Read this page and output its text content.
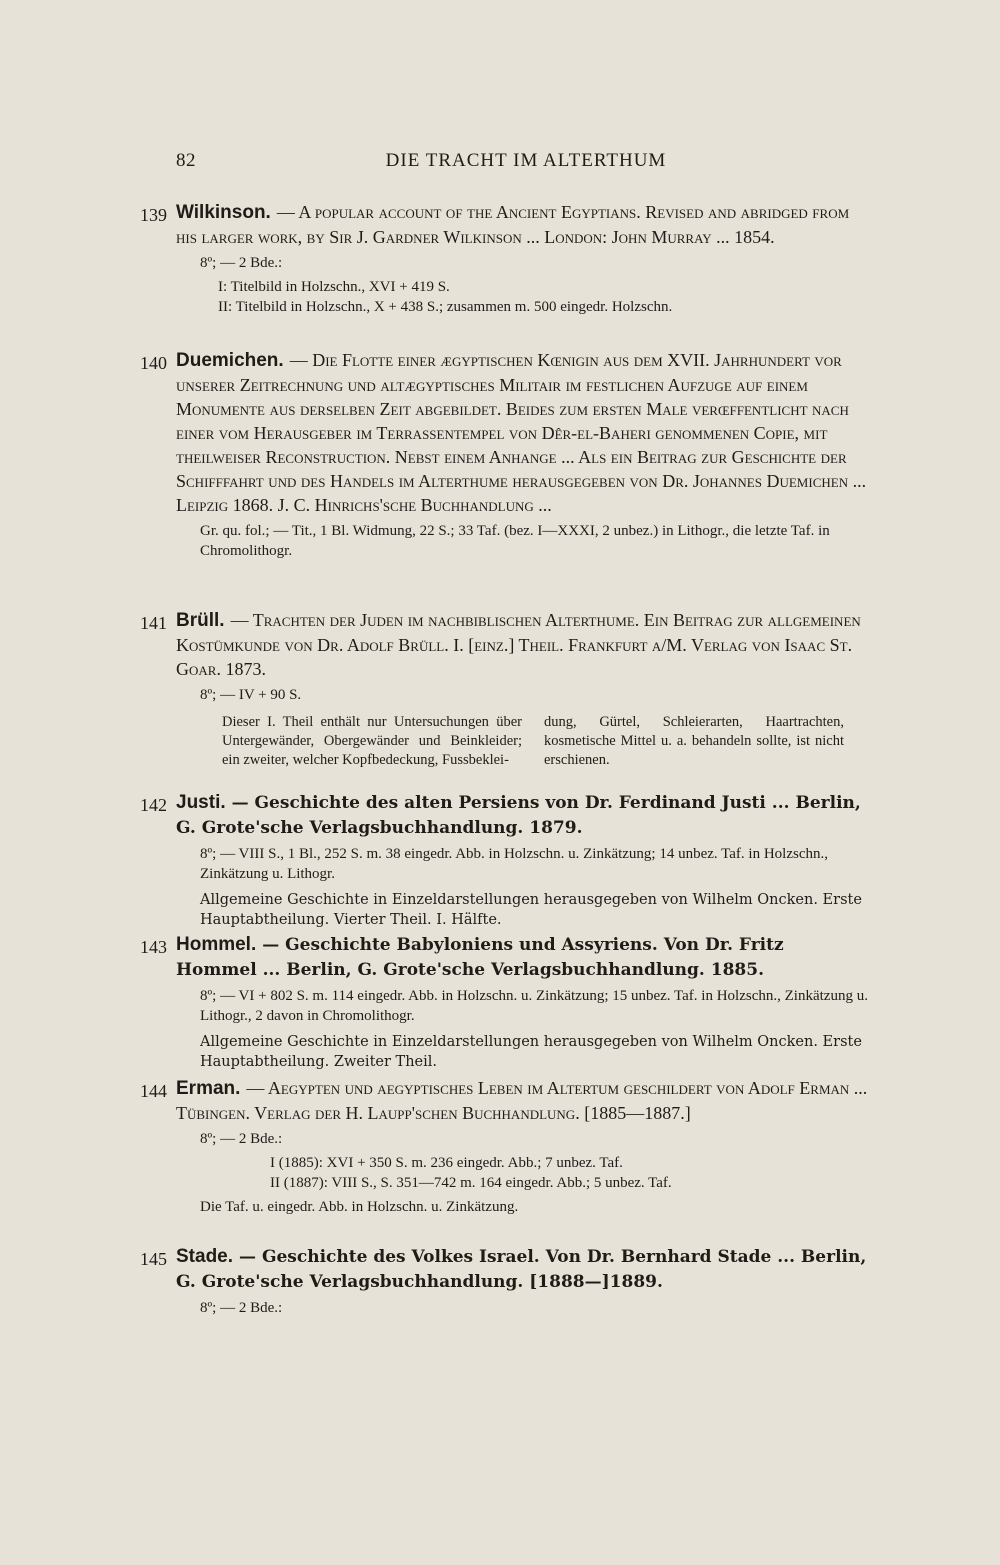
82	DIE TRACHT IM ALTERTHUM
139 Wilkinson. — A popular account of the Ancient Egyptians. Revised and abridged from his larger work, by Sir J. Gardner Wilkinson ... London: John Murray ... 1854.
8º; — 2 Bde.:
I: Titelbild in Holzschn., XVI + 419 S.
II: Titelbild in Holzschn., X + 438 S.; zusammen m. 500 eingedr. Holzschn.
140 Duemichen. — Die Flotte einer ægyptischen Kœnigin aus dem XVII. Jahrhundert vor unserer Zeitrechnung und altægyptisches Militair im festlichen Aufzuge auf einem Monumente aus derselben Zeit abgebildet. Beides zum ersten Male verœffentlicht nach einer vom Herausgeber im Terrassentempel von Dêr-el-Baheri genommenen Copie, mit theilweiser Reconstruction. Nebst einem Anhange ... Als ein Beitrag zur Geschichte der Schifffahrt und des Handels im Alterthume herausgegeben von Dr. Johannes Duemichen ... Leipzig 1868. J. C. Hinrichs'sche Buchhandlung ...
Gr. qu. fol.; — Tit., 1 Bl. Widmung, 22 S.; 33 Taf. (bez. I—XXXI, 2 unbez.) in Lithogr., die letzte Taf. in Chromolithogr.
141 Brüll. — Trachten der Juden im nachbiblischen Alterthume. Ein Beitrag zur allgemeinen Kostümkunde von Dr. Adolf Brüll. I. [einz.] Theil. Frankfurt a/M. Verlag von Isaac St. Goar. 1873.
8º; — IV + 90 S.
Dieser I. Theil enthält nur Untersuchungen über Untergewänder, Obergewänder und Beinkleider; ein zweiter, welcher Kopfbedeckung, Fussbeklei-
dung, Gürtel, Schleierarten, Haartrachten, kosmetische Mittel u. a. behandeln sollte, ist nicht erschienen.
142 Justi. — Geschichte des alten Persiens von Dr. Ferdinand Justi ... Berlin, G. Grote'sche Verlagsbuchhandlung. 1879.
8º; — VIII S., 1 Bl., 252 S. m. 38 eingedr. Abb. in Holzschn. u. Zinkätzung; 14 unbez. Taf. in Holzschn., Zinkätzung u. Lithogr.
Allgemeine Geschichte in Einzeldarstellungen herausgegeben von Wilhelm Oncken. Erste Hauptabtheilung. Vierter Theil. I. Hälfte.
143 Hommel. — Geschichte Babyloniens und Assyriens. Von Dr. Fritz Hommel ... Berlin, G. Grote'sche Verlagsbuchhandlung. 1885.
8º; — VI + 802 S. m. 114 eingedr. Abb. in Holzschn. u. Zinkätzung; 15 unbez. Taf. in Holzschn., Zinkätzung u. Lithogr., 2 davon in Chromolithogr.
Allgemeine Geschichte in Einzeldarstellungen herausgegeben von Wilhelm Oncken. Erste Hauptabtheilung. Zweiter Theil.
144 Erman. — Aegypten und aegyptisches Leben im Altertum geschildert von Adolf Erman ... Tübingen. Verlag der H. Laupp'schen Buchhandlung. [1885—1887.]
8º; — 2 Bde.:
I (1885): XVI + 350 S. m. 236 eingedr. Abb.; 7 unbez. Taf.
II (1887): VIII S., S. 351—742 m. 164 eingedr. Abb.; 5 unbez. Taf.
Die Taf. u. eingedr. Abb. in Holzschn. u. Zinkätzung.
145 Stade. — Geschichte des Volkes Israel. Von Dr. Bernhard Stade ... Berlin, G. Grote'sche Verlagsbuchhandlung. [1888—]1889.
8º; — 2 Bde.:
